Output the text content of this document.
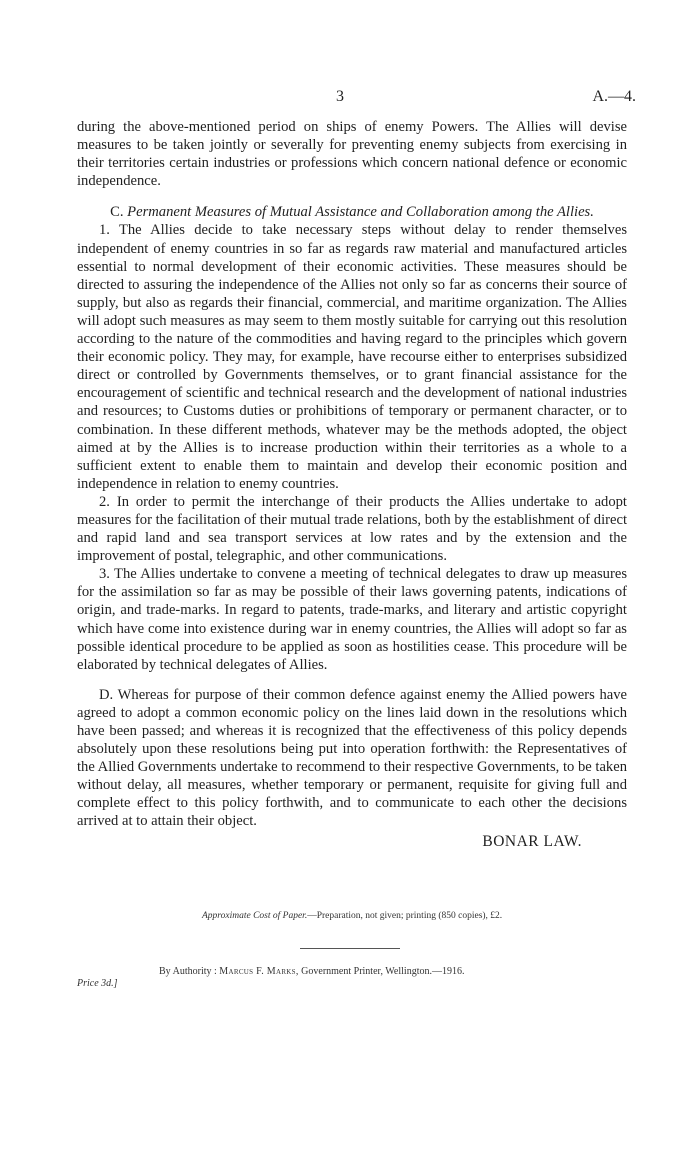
3	A.—4.

during the above-mentioned period on ships of enemy Powers. The Allies will devise measures to be taken jointly or severally for preventing enemy subjects from exercising in their territories certain industries or professions which concern national defence or economic independence.

C. Permanent Measures of Mutual Assistance and Collaboration among the Allies.

1. The Allies decide to take necessary steps without delay to render themselves independent of enemy countries in so far as regards raw material and manufactured articles essential to normal development of their economic activities. These measures should be directed to assuring the independence of the Allies not only so far as concerns their source of supply, but also as regards their financial, commercial, and maritime organization. The Allies will adopt such measures as may seem to them mostly suitable for carrying out this resolution according to the nature of the commodities and having regard to the principles which govern their economic policy. They may, for example, have recourse either to enterprises subsidized direct or controlled by Governments themselves, or to grant financial assistance for the encouragement of scientific and technical research and the development of national industries and resources; to Customs duties or prohibitions of temporary or permanent character, or to combination. In these different methods, whatever may be the methods adopted, the object aimed at by the Allies is to increase production within their territories as a whole to a sufficient extent to enable them to maintain and develop their economic position and independence in relation to enemy countries.

2. In order to permit the interchange of their products the Allies undertake to adopt measures for the facilitation of their mutual trade relations, both by the establishment of direct and rapid land and sea transport services at low rates and by the extension and the improvement of postal, telegraphic, and other communications.

3. The Allies undertake to convene a meeting of technical delegates to draw up measures for the assimilation so far as may be possible of their laws governing patents, indications of origin, and trade-marks. In regard to patents, trade-marks, and literary and artistic copyright which have come into existence during war in enemy countries, the Allies will adopt so far as possible identical procedure to be applied as soon as hostilities cease. This procedure will be elaborated by technical delegates of Allies.

D. Whereas for purpose of their common defence against enemy the Allied powers have agreed to adopt a common economic policy on the lines laid down in the resolutions which have been passed; and whereas it is recognized that the effectiveness of this policy depends absolutely upon these resolutions being put into operation forthwith: the Representatives of the Allied Governments undertake to recommend to their respective Governments, to be taken without delay, all measures, whether temporary or permanent, requisite for giving full and complete effect to this policy forthwith, and to communicate to each other the decisions arrived at to attain their object.

BONAR LAW.

Approximate Cost of Paper.—Preparation, not given; printing (850 copies), £2.
By Authority : Marcus F. Marks, Government Printer, Wellington.—1916.
Price 3d.]
